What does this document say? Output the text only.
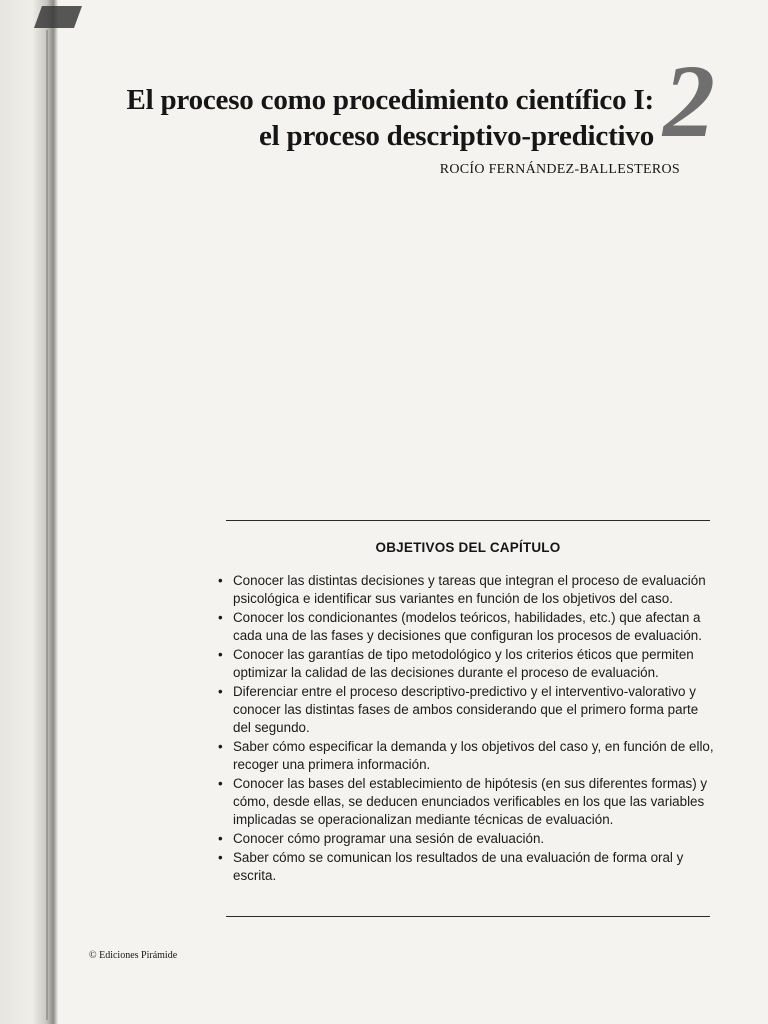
El proceso como procedimiento científico I:
el proceso descriptivo-predictivo 2
ROCÍO FERNÁNDEZ-BALLESTEROS
OBJETIVOS DEL CAPÍTULO
• Conocer las distintas decisiones y tareas que integran el proceso de evaluación psicológica e identificar sus variantes en función de los objetivos del caso.
• Conocer los condicionantes (modelos teóricos, habilidades, etc.) que afectan a cada una de las fases y decisiones que configuran los procesos de evaluación.
• Conocer las garantías de tipo metodológico y los criterios éticos que permiten optimizar la calidad de las decisiones durante el proceso de evaluación.
• Diferenciar entre el proceso descriptivo-predictivo y el interventivo-valorativo y conocer las distintas fases de ambos considerando que el primero forma parte del segundo.
• Saber cómo especificar la demanda y los objetivos del caso y, en función de ello, recoger una primera información.
• Conocer las bases del establecimiento de hipótesis (en sus diferentes formas) y cómo, desde ellas, se deducen enunciados verificables en los que las variables implicadas se operacionalizan mediante técnicas de evaluación.
• Conocer cómo programar una sesión de evaluación.
• Saber cómo se comunican los resultados de una evaluación de forma oral y escrita.
© Ediciones Pirámide
